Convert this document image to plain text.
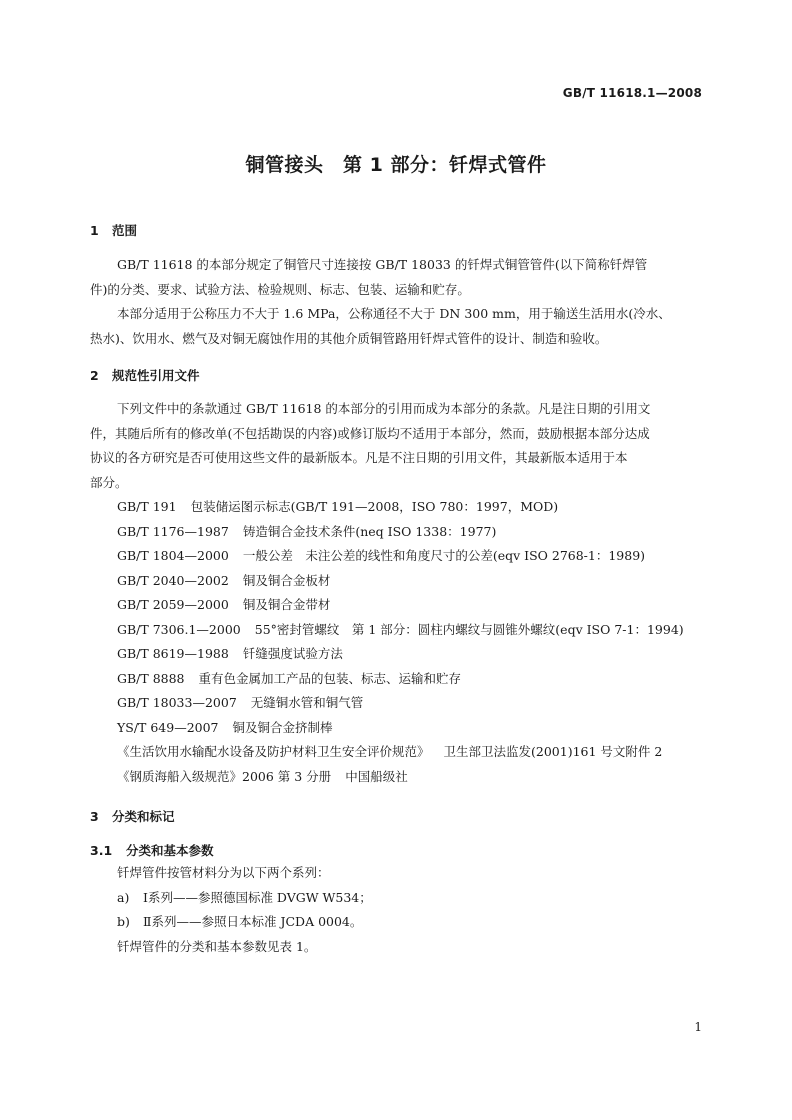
GB/T 11618.1—2008
铜管接头　第 1 部分：钎焊式管件
1 范围
GB/T 11618 的本部分规定了铜管尺寸连接按 GB/T 18033 的钎焊式铜管管件(以下简称钎焊管
件)的分类、要求、试验方法、检验规则、标志、包装、运输和贮存。
本部分适用于公称压力不大于 1.6 MPa，公称通径不大于 DN 300 mm，用于输送生活用水(冷水、
热水)、饮用水、燃气及对铜无腐蚀作用的其他介质铜管路用钎焊式管件的设计、制造和验收。
2 规范性引用文件
下列文件中的条款通过 GB/T 11618 的本部分的引用而成为本部分的条款。凡是注日期的引用文
件，其随后所有的修改单(不包括勘误的内容)或修订版均不适用于本部分，然而，鼓励根据本部分达成
协议的各方研究是否可使用这些文件的最新版本。凡是不注日期的引用文件，其最新版本适用于本
部分。
GB/T 191 包装储运图示标志(GB/T 191—2008，ISO 780：1997，MOD)
GB/T 1176—1987 铸造铜合金技术条件(neq ISO 1338：1977)
GB/T 1804—2000 一般公差　未注公差的线性和角度尺寸的公差(eqv ISO 2768-1：1989)
GB/T 2040—2002 铜及铜合金板材
GB/T 2059—2000 铜及铜合金带材
GB/T 7306.1—2000 55°密封管螺纹　第 1 部分：圆柱内螺纹与圆锥外螺纹(eqv ISO 7-1：1994)
GB/T 8619—1988 钎缝强度试验方法
GB/T 8888 重有色金属加工产品的包装、标志、运输和贮存
GB/T 18033—2007 无缝铜水管和铜气管
YS/T 649—2007 铜及铜合金挤制棒
《生活饮用水输配水设备及防护材料卫生安全评价规范》 卫生部卫法监发(2001)161 号文附件 2
《钢质海船入级规范》2006 第 3 分册 中国船级社
3 分类和标记
3.1 分类和基本参数
钎焊管件按管材料分为以下两个系列：
a) Ⅰ系列——参照德国标准 DVGW W534；
b) Ⅱ系列——参照日本标准 JCDA 0004。
钎焊管件的分类和基本参数见表 1。
1
